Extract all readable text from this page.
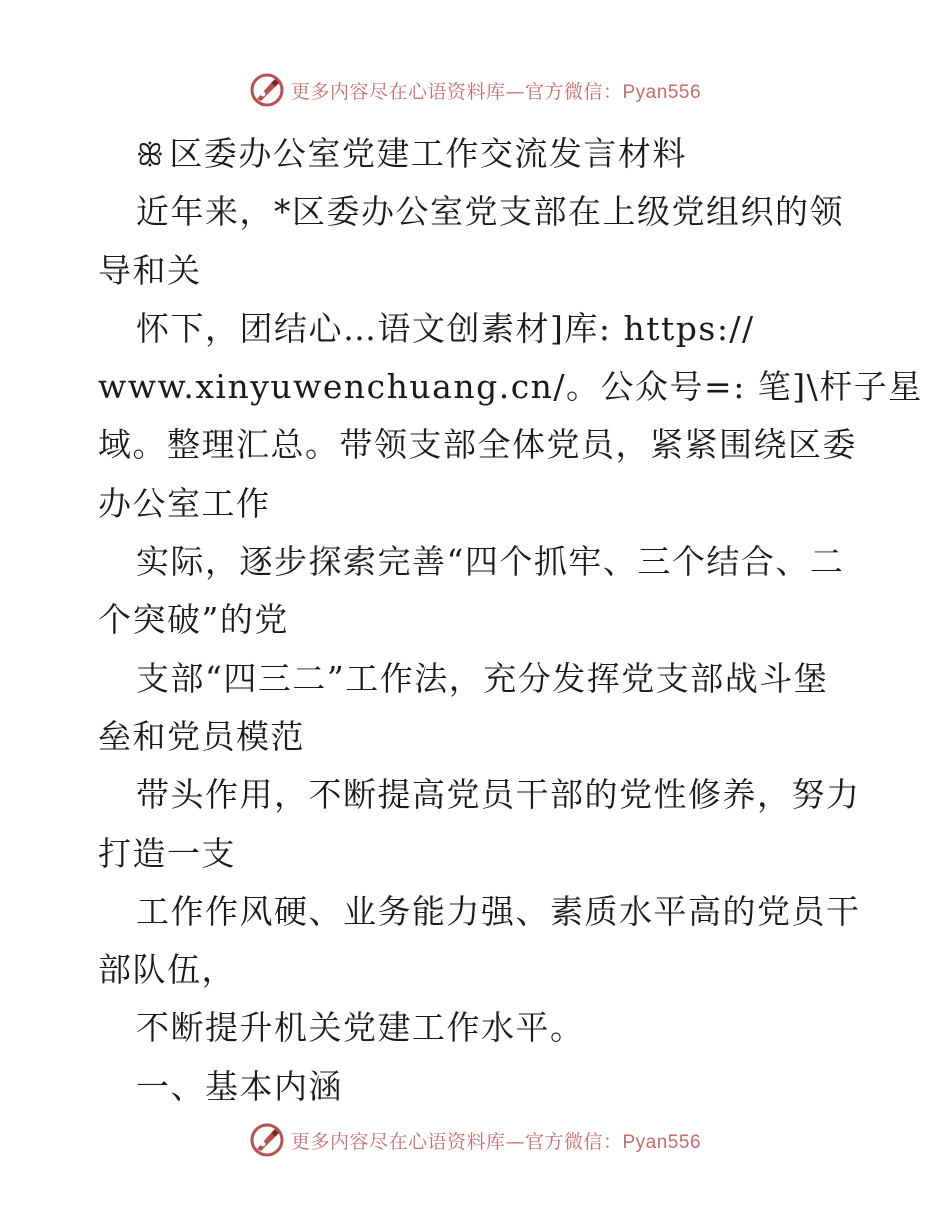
更多内容尽在心语资料库—官方微信：Pyan556
ꕥ 区委办公室党建工作交流发言材料
近年来，*区委办公室党支部在上级党组织的领
导和关
怀下，团结心…语文创素材]库: https://
www.xinyuwenchuang.cn/。公众号=: 笔]\杆子星
域。整理汇总。带领支部全体党员，紧紧围绕区委
办公室工作
实际，逐步探索完善“四个抓牢、三个结合、二
个突破”的党
支部“四三二”工作法，充分发挥党支部战斗堡
垒和党员模范
带头作用，不断提高党员干部的党性修养，努力
打造一支
工作作风硬、业务能力强、素质水平高的党员干
部队伍，
不断提升机关党建工作水平。
一、基本内涵
更多内容尽在心语资料库—官方微信：Pyan556
